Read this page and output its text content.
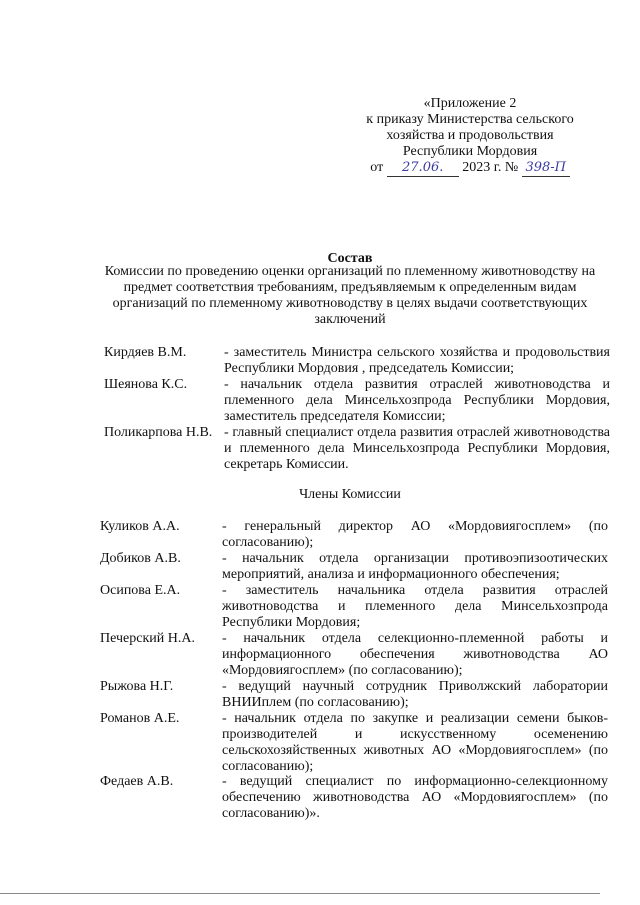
«Приложение 2
к приказу Министерства сельского
хозяйства и продовольствия
Республики Мордовия
от 27.06. 2023 г. № 398-П
Состав
Комиссии по проведению оценки организаций по племенному животноводству на предмет соответствия требованиям, предъявляемым к определенным видам организаций по племенному животноводству в целях выдачи соответствующих заключений
Кирдяев В.М.	- заместитель Министра сельского хозяйства и продовольствия Республики Мордовия , председатель Комиссии;
Шеянова К.С.	- начальник отдела развития отраслей животноводства и племенного дела Минсельхозпрода Республики Мордовия, заместитель председателя Комиссии;
Поликарпова Н.В. - главный специалист отдела развития отраслей животноводства и племенного дела Минсельхозпрода Республики Мордовия, секретарь Комиссии.
Члены Комиссии
Куликов А.А.	- генеральный директор АО «Мордовиягосплем» (по согласованию);
Добиков А.В.	- начальник отдела организации противоэпизоотических мероприятий, анализа и информационного обеспечения;
Осипова Е.А.	- заместитель начальника отдела развития отраслей животноводства и племенного дела Минсельхозпрода Республики Мордовия;
Печерский Н.А.	- начальник отдела селекционно-племенной работы и информационного обеспечения животноводства АО «Мордовиягосплем» (по согласованию);
Рыжова Н.Г.	- ведущий научный сотрудник Приволжский лаборатории ВНИИплем (по согласованию);
Романов А.Е.	- начальник отдела по закупке и реализации семени быков-производителей и искусственному осеменению сельскохозяйственных животных АО «Мордовиягосплем» (по согласованию);
Федаев А.В.	- ведущий специалист по информационно-селекционному обеспечению животноводства АО «Мордовиягосплем» (по согласованию)».
